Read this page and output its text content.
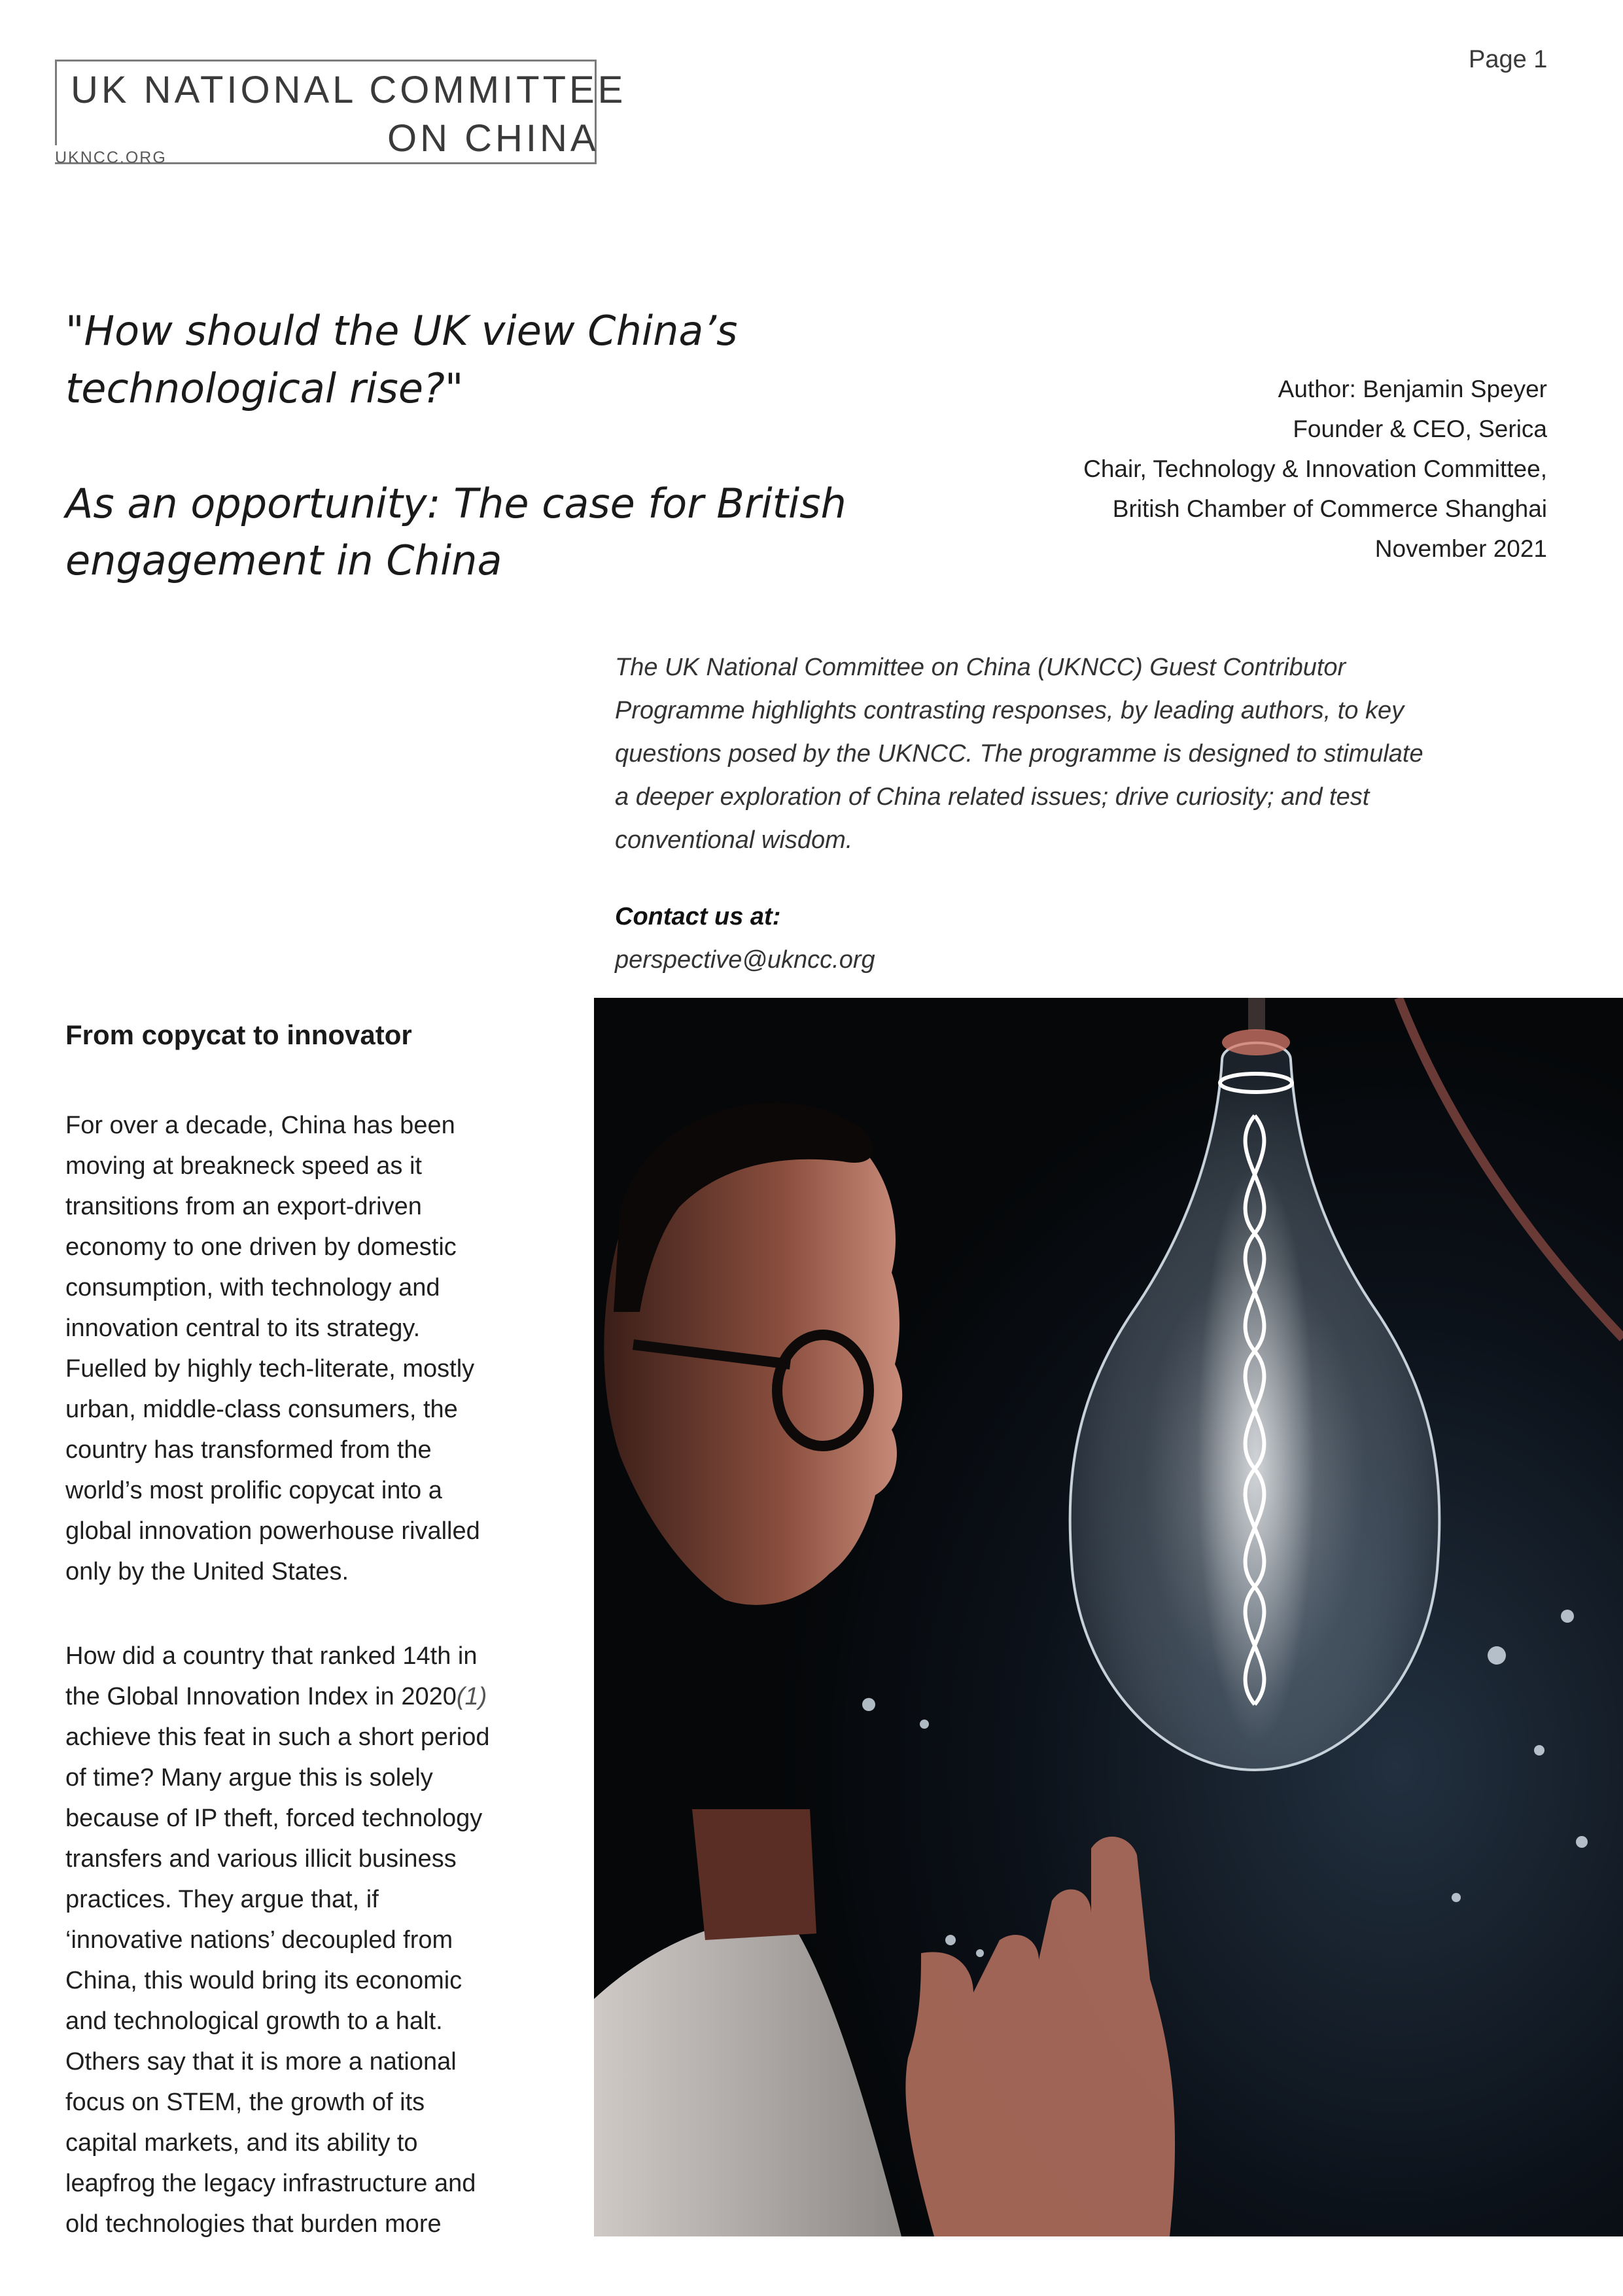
UK NATIONAL COMMITTEE
ON CHINA
UKNCC.ORG
Page 1
"How should the UK view China’s
technological rise?"
As an opportunity: The case for British
engagement in China
Author: Benjamin Speyer
Founder & CEO, Serica
Chair, Technology & Innovation Committee,
British Chamber of Commerce Shanghai
November 2021
The UK National Committee on China (UKNCC) Guest Contributor
Programme highlights contrasting responses, by leading authors, to key
questions posed by the UKNCC. The programme is designed to stimulate
a deeper exploration of China related issues; drive curiosity; and test
conventional wisdom.
Contact us at:
perspective@ukncc.org
From copycat to innovator
For over a decade, China has been
moving at breakneck speed as it
transitions from an export-driven
economy to one driven by domestic
consumption, with technology and
innovation central to its strategy.
Fuelled by highly tech-literate, mostly
urban, middle-class consumers, the
country has transformed from the
world’s most prolific copycat into a
global innovation powerhouse rivalled
only by the United States.
How did a country that ranked 14th in
the Global Innovation Index in 2020(1)
achieve this feat in such a short period
of time? Many argue this is solely
because of IP theft, forced technology
transfers and various illicit business
practices. They argue that, if
‘innovative nations’ decoupled from
China, this would bring its economic
and technological growth to a halt.
Others say that it is more a national
focus on STEM, the growth of its
capital markets, and its ability to
leapfrog the legacy infrastructure and
old technologies that burden more
